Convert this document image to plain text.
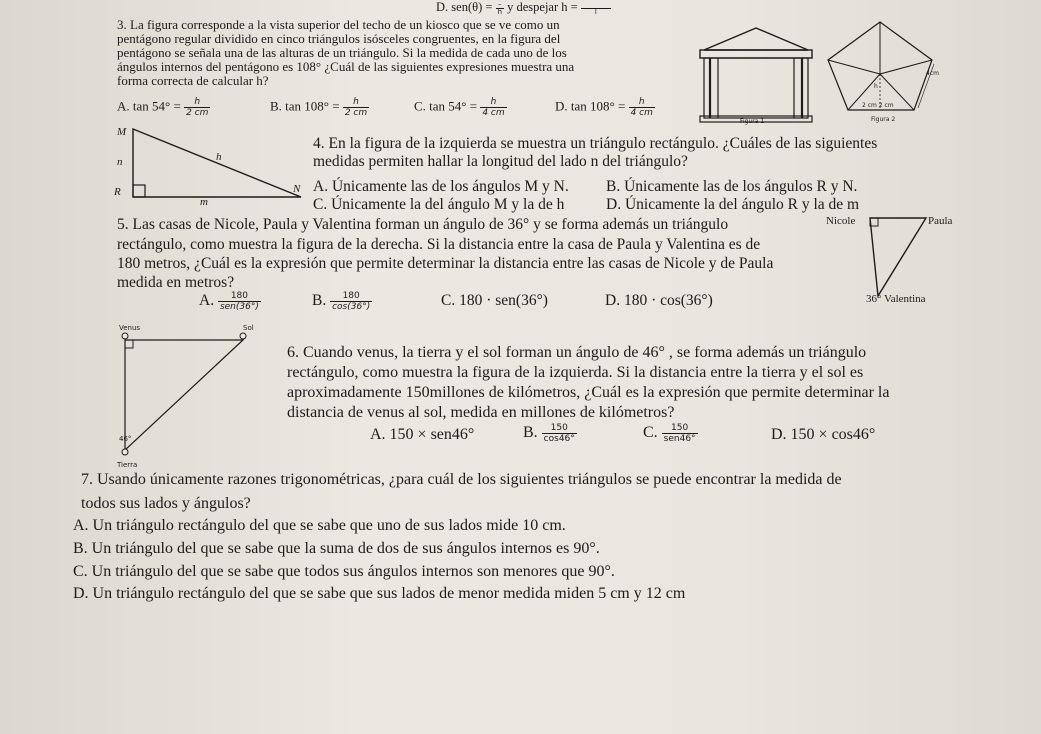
D. $sen(\theta) = \frac{-}{h}$ y despejar h =
	l
3. La figura corresponde a la vista superior del techo de un kiosco que se ve como un
pentágono regular dividido en cinco triángulos isósceles congruentes, en la figura del
pentágono se señala una de las alturas de un triángulo. Si la medida de cada uno de los
ángulos internos del pentágono es 108° ¿Cuál de las siguientes expresiones muestra una
forma correcta de calcular h?
A. $\tan 54^\circ = \frac{h}{2 cm}$	B. $\tan 108^\circ = \frac{h}{2 cm}$	C. $\tan 54^\circ = \frac{h}{4 cm}$	D. $\tan 108^\circ = \frac{h}{4 cm}$
Figura 1
h
4cm
2 cm 2 cm
Figura 2
M
n	h
R
m
N
4. En la figura de la izquierda se muestra un triángulo rectángulo. ¿Cuáles de las siguientes
medidas permiten hallar la longitud del lado n del triángulo?
A. Únicamente las de los ángulos M y N. B. Únicamente las de los ángulos R y N.
C. Únicamente la del ángulo M y la de h	D. Únicamente la del ángulo R y la de m
5. Las casas de Nicole, Paula y Valentina forman un ángulo de 36° y se forma además un triángulo
rectángulo, como muestra la figura de la derecha. Si la distancia entre la casa de Paula y Valentina es de
180 metros, ¿Cuál es la expresión que permite determinar la distancia entre las casas de Nicole y de Paula
medida en metros?
A. $\frac{180}{\text{sen(36°)}}$	B. $\frac{180}{\cos(36^\circ)}$	C. 180 · sen(36°)	D. 180 · cos(36°)
Nicole	Paula
36° Valentina
Venus	Sol
Tierra
46°
6. Cuando venus, la tierra y el sol forman un ángulo de 46° , se forma además un triángulo
rectángulo, como muestra la figura de la izquierda. Si la distancia entre la tierra y el sol es
aproximadamente 150millones de kilómetros, ¿Cuál es la expresión que permite determinar la
distancia de venus al sol, medida en millones de kilómetros?
A. 150 × sen46°	B. $\frac{150}{\cos 46^\circ}$	C. $\frac{150}{\text{sen46°}}$	D. 150 × cos46°
7. Usando únicamente razones trigonométricas, ¿para cuál de los siguientes triángulos se puede encontrar la medida de
todos sus lados y ángulos?
A. Un triángulo rectángulo del que se sabe que uno de sus lados mide 10 cm.
B. Un triángulo del que se sabe que la suma de dos de sus ángulos internos es 90°.
C. Un triángulo del que se sabe que todos sus ángulos internos son menores que 90°.
D. Un triángulo rectángulo del que se sabe que sus lados de menor medida miden 5 cm y 12 cm
